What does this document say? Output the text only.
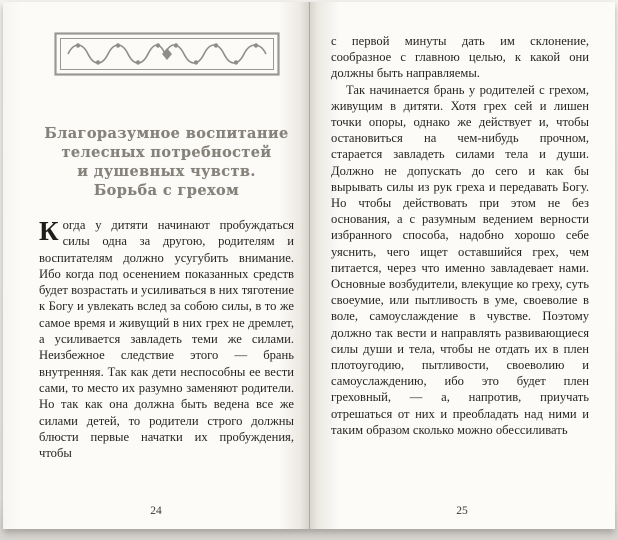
Благоразумное воспитание
телесных потребностей
и душевных чувств.
Борьба с грехом
Когда у дитяти начинают пробуждаться силы одна за другою, родителям и воспитателям должно усугубить внимание. Ибо когда под осенением показанных средств будет возрастать и усиливаться в них тяготение к Богу и увлекать вслед за собою силы, в то же самое время и живущий в них грех не дремлет, а усиливается завладеть теми же силами. Неизбежное следствие этого — брань внутренняя. Так как дети неспособны ее вести сами, то место их разумно заменяют родители. Но так как она должна быть ведена все же силами детей, то родители строго должны блюсти первые начатки их пробуждения, чтобы
24

с первой минуты дать им склонение, сообразное с главною целью, к какой они должны быть направляемы.

Так начинается брань у родителей с грехом, живущим в дитяти. Хотя грех сей и лишен точки опоры, однако же действует и, чтобы остановиться на чем-нибудь прочном, старается завладеть силами тела и души. Должно не допускать до сего и как бы вырывать силы из рук греха и передавать Богу. Но чтобы действовать при этом не без основания, а с разумным ведением верности избранного способа, надобно хорошо себе уяснить, чего ищет оставшийся грех, чем питается, через что именно завладевает нами. Основные возбудители, влекущие ко греху, суть своеумие, или пытливость в уме, своеволие в воле, самоуслаждение в чувстве. Поэтому должно так вести и направлять развивающиеся силы души и тела, чтобы не отдать их в плен плотоугодию, пытливости, своеволию и самоуслаждению, ибо это будет плен греховный, — а, напротив, приучать отрешаться от них и преобладать над ними и таким образом сколько можно обессиливать

25
